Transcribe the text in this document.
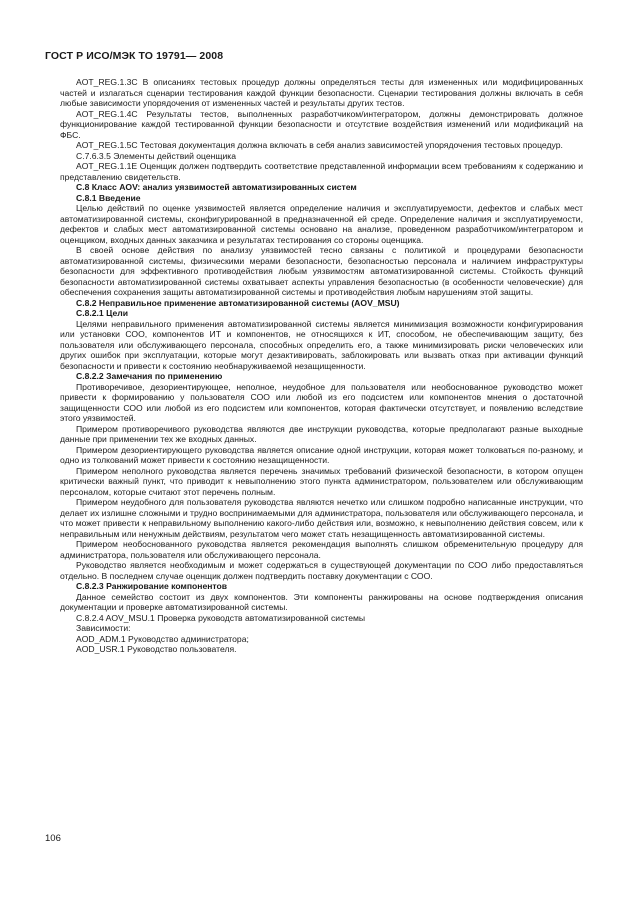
ГОСТ Р ИСО/МЭК ТО 19791— 2008

AOT_REG.1.3C В описаниях тестовых процедур должны определяться тесты для измененных или модифицированных частей и излагаться сценарии тестирования каждой функции безопасности. Сценарии тестирования должны включать в себя любые зависимости упорядочения от измененных частей и результаты других тестов.

AOT_REG.1.4C Результаты тестов, выполненных разработчиком/интегратором, должны демонстрировать должное функционирование каждой тестированной функции безопасности и отсутствие воздействия изменений или модификаций на ФБС.

AOT_REG.1.5C Тестовая документация должна включать в себя анализ зависимостей упорядочения тестовых процедур.

C.7.6.3.5 Элементы действий оценщика

AOT_REG.1.1E Оценщик должен подтвердить соответствие представленной информации всем требованиям к содержанию и представлению свидетельств.

C.8 Класс AOV: анализ уязвимостей автоматизированных систем

C.8.1 Введение

Целью действий по оценке уязвимостей является определение наличия и эксплуатируемости, дефектов и слабых мест автоматизированной системы, сконфигурированной в предназначенной ей среде. Определение наличия и эксплуатируемости, дефектов и слабых мест автоматизированной системы основано на анализе, проведенном разработчиком/интегратором и оценщиком, входных данных заказчика и результатах тестирования со стороны оценщика.

В своей основе действия по анализу уязвимостей тесно связаны с политикой и процедурами безопасности автоматизированной системы, физическими мерами безопасности, безопасностью персонала и наличием инфраструктуры безопасности для эффективного противодействия любым уязвимостям автоматизированной системы. Стойкость функций безопасности автоматизированной системы охватывает аспекты управления безопасностью (в особенности человеческие) для обеспечения сохранения защиты автоматизированной системы и противодействия любым нарушениям этой защиты.

C.8.2 Неправильное применение автоматизированной системы (AOV_MSU)

C.8.2.1 Цели

Целями неправильного применения автоматизированной системы является минимизация возможности конфигурирования или установки СОО, компонентов ИТ и компонентов, не относящихся к ИТ, способом, не обеспечивающим защиту, без пользователя или обслуживающего персонала, способных определить его, а также минимизировать риски человеческих или других ошибок при эксплуатации, которые могут дезактивировать, заблокировать или вызвать отказ при активации функций безопасности и привести к состоянию необнаруживаемой незащищенности.

C.8.2.2 Замечания по применению

Противоречивое, дезориентирующее, неполное, неудобное для пользователя или необоснованное руководство может привести к формированию у пользователя СОО или любой из его подсистем или компонентов мнения о достаточной защищенности СОО или любой из его подсистем или компонентов, которая фактически отсутствует, и появлению вследствие этого уязвимостей.

Примером противоречивого руководства являются две инструкции руководства, которые предполагают разные выходные данные при применении тех же входных данных.

Примером дезориентирующего руководства является описание одной инструкции, которая может толковаться по-разному, и одно из толкований может привести к состоянию незащищенности.

Примером неполного руководства является перечень значимых требований физической безопасности, в котором опущен критически важный пункт, что приводит к невыполнению этого пункта администратором, пользователем или обслуживающим персоналом, которые считают этот перечень полным.

Примером неудобного для пользователя руководства являются нечетко или слишком подробно написанные инструкции, что делает их излишне сложными и трудно воспринимаемыми для администратора, пользователя или обслуживающего персонала, и что может привести к неправильному выполнению какого-либо действия или, возможно, к невыполнению действия совсем, или к неправильным или ненужным действиям, результатом чего может стать незащищенность автоматизированной системы.

Примером необоснованного руководства является рекомендация выполнять слишком обременительную процедуру для администратора, пользователя или обслуживающего персонала.

Руководство является необходимым и может содержаться в существующей документации по СОО либо предоставляться отдельно. В последнем случае оценщик должен подтвердить поставку документации с СОО.

C.8.2.3 Ранжирование компонентов

Данное семейство состоит из двух компонентов. Эти компоненты ранжированы на основе подтверждения описания документации и проверке автоматизированной системы.

C.8.2.4 AOV_MSU.1 Проверка руководств автоматизированной системы

Зависимости:

AOD_ADM.1 Руководство администратора;

AOD_USR.1 Руководство пользователя.

106
